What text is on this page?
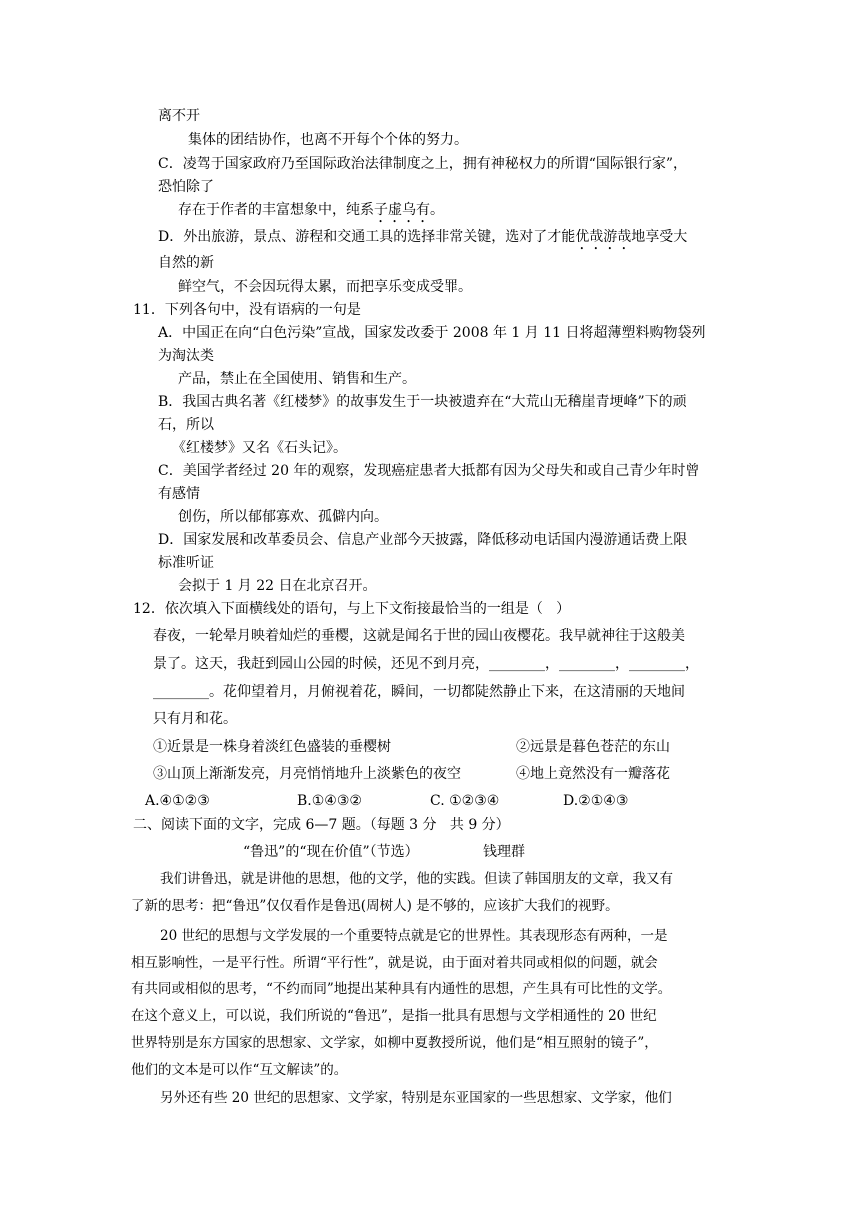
离不开
集体的团结协作，也离不开每个个体的努力。
C．凌驾于国家政府乃至国际政治法律制度之上，拥有神秘权力的所谓“国际银行家”，
恐怕除了
存在于作者的丰富想象中，纯系子虚乌有。
D．外出旅游，景点、游程和交通工具的选择非常关键，选对了才能优哉游哉地享受大
自然的新
鲜空气，不会因玩得太累，而把享乐变成受罪。
11．下列各句中，没有语病的一句是
A．中国正在向“白色污染”宣战，国家发改委于 2008 年 1 月 11 日将超薄塑料购物袋列
为淘汰类
产品，禁止在全国使用、销售和生产。
B．我国古典名著《红楼梦》的故事发生于一块被遗弃在“大荒山无稽崖青埂峰”下的顽
石，所以
《红楼梦》又名《石头记》。
C．美国学者经过 20 年的观察，发现癌症患者大抵都有因为父母失和或自己青少年时曾
有感情
创伤，所以郁郁寡欢、孤僻内向。
D．国家发展和改革委员会、信息产业部今天披露，降低移动电话国内漫游通话费上限
标准听证
会拟于 1 月 22 日在北京召开。
12．依次填入下面横线处的语句，与上下文衔接最恰当的一组是（   ）
春夜，一轮晕月映着灿烂的垂樱，这就是闻名于世的园山夜樱花。我早就神往于这般美
景了。这天，我赶到园山公园的时候，还见不到月亮，________，________，________，
________。花仰望着月，月俯视着花，瞬间，一切都陡然静止下来，在这清丽的天地间
只有月和花。
①近景是一株身着淡红色盛装的垂樱树	②远景是暮色苍茫的东山
③山顶上渐渐发亮，月亮悄悄地升上淡紫色的夜空	④地上竟然没有一瓣落花
A.④①②③	B.①④③②	C. ①②③④	D.②①④③
二、阅读下面的文字，完成 6—7 题。（每题 3 分   共 9 分）
“鲁迅”的“现在价值”（节选）	钱理群
我们讲鲁迅，就是讲他的思想，他的文学，他的实践。但读了韩国朋友的文章，我又有
了新的思考：把“鲁迅”仅仅看作是鲁迅(周树人) 是不够的，应该扩大我们的视野。
20 世纪的思想与文学发展的一个重要特点就是它的世界性。其表现形态有两种，一是
相互影响性，一是平行性。所谓“平行性”，就是说，由于面对着共同或相似的问题，就会
有共同或相似的思考，“不约而同”地提出某种具有内通性的思想，产生具有可比性的文学。
在这个意义上，可以说，我们所说的“鲁迅”，是指一批具有思想与文学相通性的 20 世纪
世界特别是东方国家的思想家、文学家，如柳中夏教授所说，他们是“相互照射的镜子”，
他们的文本是可以作“互文解读”的。
另外还有些 20 世纪的思想家、文学家，特别是东亚国家的一些思想家、文学家，他们
